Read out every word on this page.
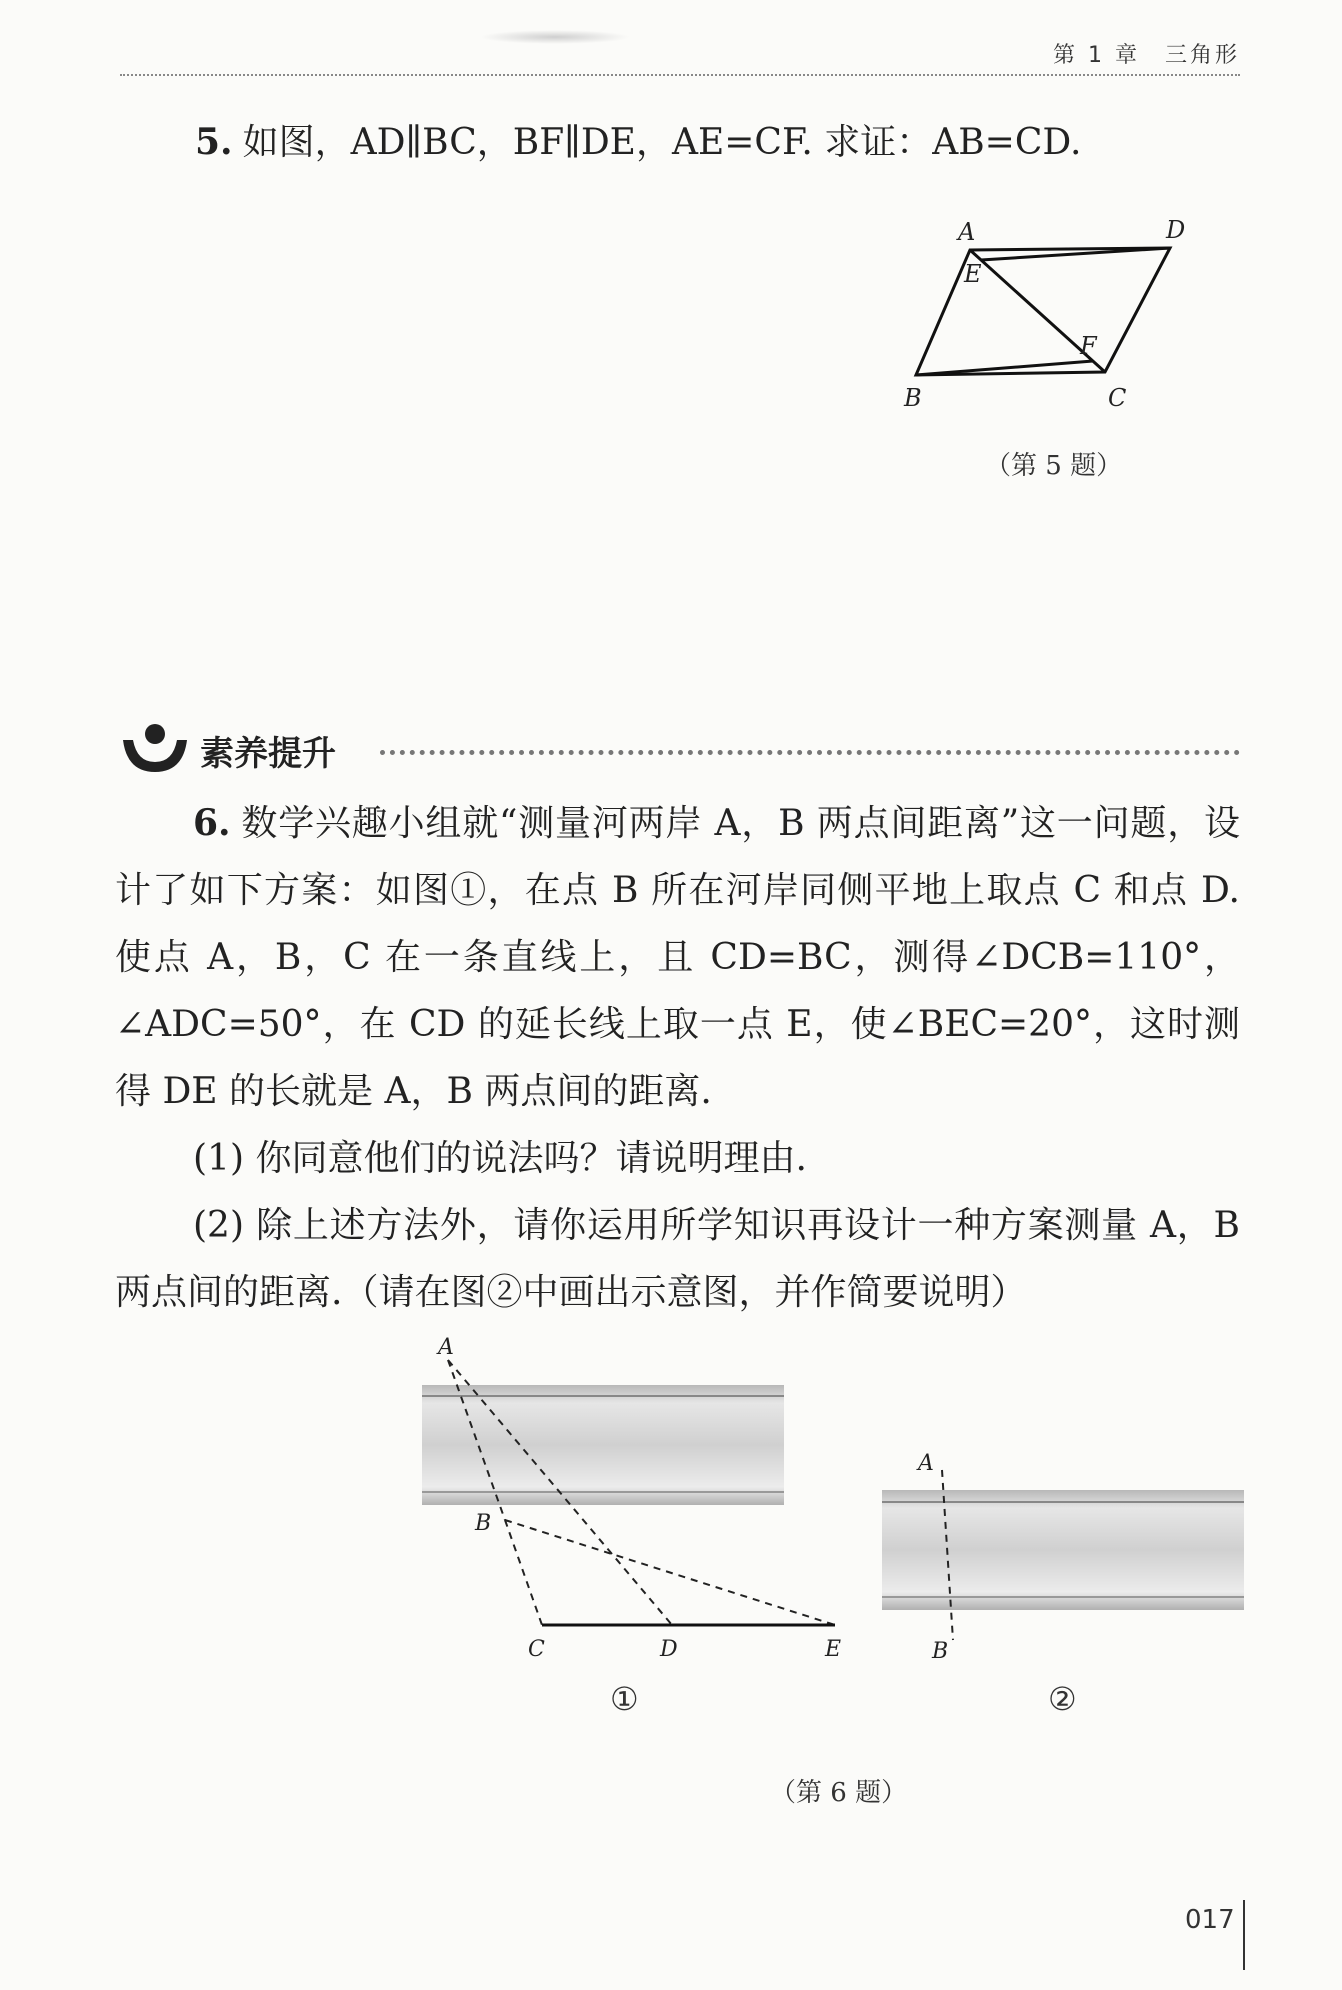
第 1 章　三角形
5. 如图，AD∥BC，BF∥DE，AE=CF. 求证：AB=CD.
A	D
E
F
B	C
（第 5 题）
素养提升
6. 数学兴趣小组就“测量河两岸 A，B 两点间距离”这一问题，设计了如下方案：如图①，在点 B 所在河岸同侧平地上取点 C 和点 D. 使点 A，B，C 在一条直线上，且 CD=BC，测得∠DCB=110°，∠ADC=50°，在 CD 的延长线上取一点 E，使∠BEC=20°，这时测得 DE 的长就是 A，B 两点间的距离.
(1) 你同意他们的说法吗？请说明理由.
(2) 除上述方法外，请你运用所学知识再设计一种方案测量 A，B 两点间的距离.（请在图②中画出示意图，并作简要说明）
A
B
C	D	E
①
A
B
②
（第 6 题）
017
